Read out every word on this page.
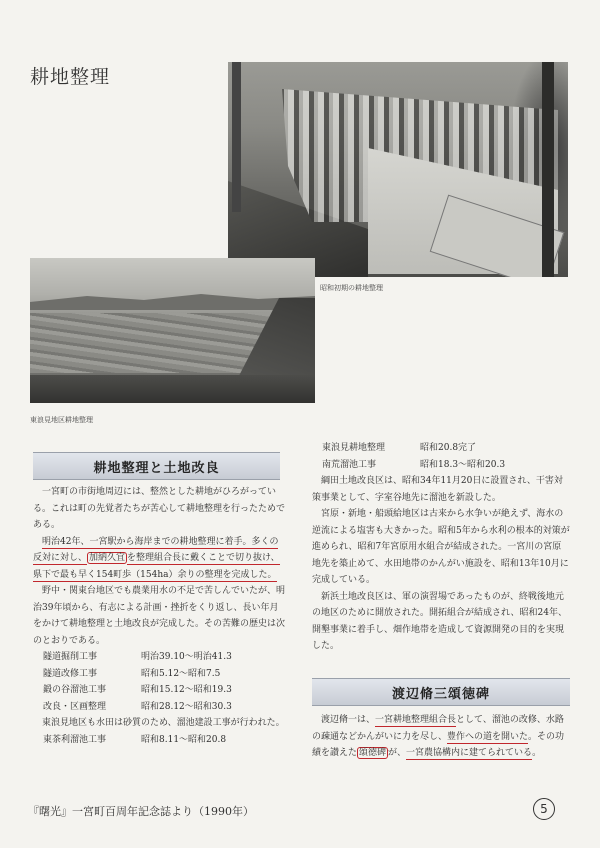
耕地整理
昭和初期の耕地整理
東浪見地区耕地整理
耕地整理と土地改良

一宮町の市街地周辺には、整然とした耕地がひろがっている。これは町の先覚者たちが苦心して耕地整理を行ったためである。

明治42年、一宮駅から海岸までの耕地整理に着手。多くの反対に対し、 加納久宜 を整理組合長に戴くことで切り抜け、県下で最も早く154町歩（154ha）余りの整理を完成した。

野中・関東台地区でも農業用水の不足で苦しんでいたが、明治39年頃から、有志による計画・挫折をくり返し、長い年月をかけて耕地整理と土地改良が完成した。その苦難の歴史は次のとおりである。

隧道掘削工事	明治39.10〜明治41.3
隧道改修工事	昭和5.12〜昭和7.5
鍛の谷溜池工事	昭和15.12〜昭和19.3
改良・区画整理	昭和28.12〜昭和30.3

東浪見地区も水田は砂質のため、溜池建設工事が行われた。

東茶利溜池工事	昭和8.11〜昭和20.8
東浪見耕地整理	昭和20.8完了
南荒溜池工事	昭和18.3〜昭和20.3

綱田土地改良区は、昭和34年11月20日に設置され、干害対策事業として、字室谷地先に溜池を新設した。

宮原・新地・船頭給地区は古来から水争いが絶えず、海水の逆流による塩害も大きかった。昭和5年から水利の根本的対策が進められ、昭和7年宮原用水組合が結成された。一宮川の宮原地先を築止めて、水田地帯のかんがい施設を、昭和13年10月に完成している。

新浜土地改良区は、軍の演習場であったものが、終戦後地元の地区のために開放された。開拓組合が結成され、昭和24年、開墾事業に着手し、畑作地帯を造成して資源開発の目的を実現した。

渡辺脩三頌徳碑

渡辺脩一は、一宮耕地整理組合長として、溜池の改修、水路の疎通などかんがいに力を尽し、豊作への道を開いた。その功績を讃えた 頌徳碑 が、一宮農協構内に建てられている。

『曙光』一宮町百周年記念誌より（1990年）	5
